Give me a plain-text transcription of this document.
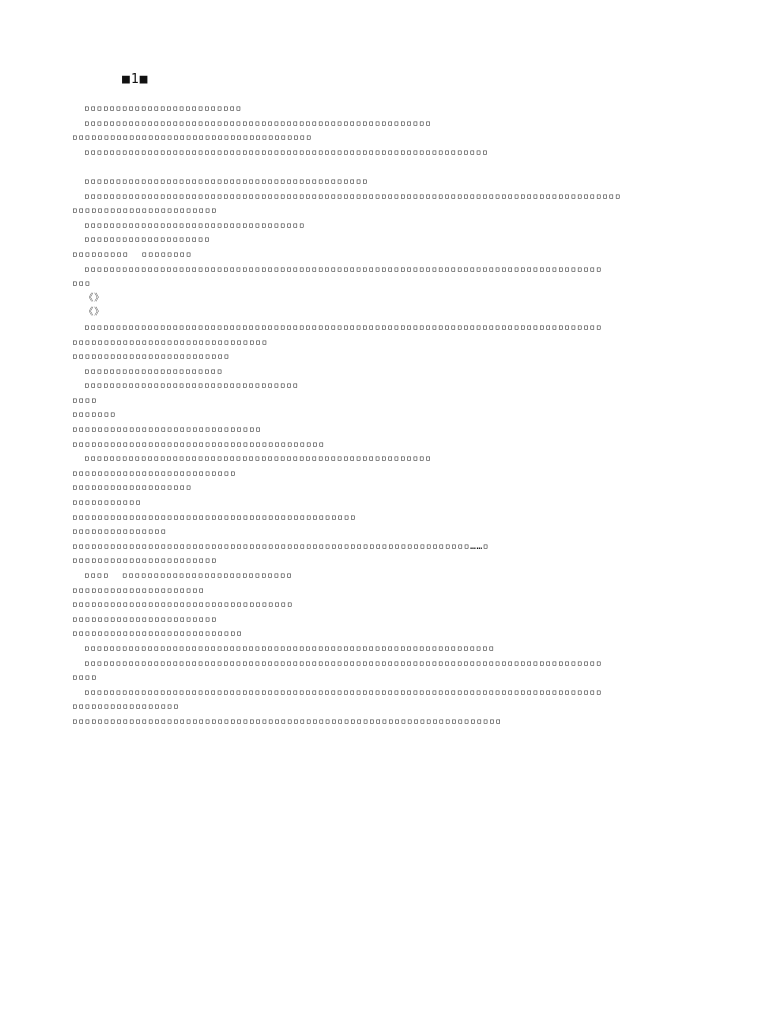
■1■
▫▫▫▫▫▫▫▫▫▫▫▫▫▫▫▫▫▫▫▫▫▫▫▫▫
▫▫▫▫▫▫▫▫▫▫▫▫▫▫▫▫▫▫▫▫▫▫▫▫▫▫▫▫▫▫▫▫▫▫▫▫▫▫▫▫▫▫▫▫▫▫▫▫▫▫▫▫▫▫▫
▫▫▫▫▫▫▫▫▫▫▫▫▫▫▫▫▫▫▫▫▫▫▫▫▫▫▫▫▫▫▫▫▫▫▫▫▫▫
▫▫▫▫▫▫▫▫▫▫▫▫▫▫▫▫▫▫▫▫▫▫▫▫▫▫▫▫▫▫▫▫▫▫▫▫▫▫▫▫▫▫▫▫▫▫▫▫▫▫▫▫▫▫▫▫▫▫▫▫▫▫▫▫
▫▫▫▫▫▫▫▫▫▫▫▫▫▫▫▫▫▫▫▫▫▫▫▫▫▫▫▫▫▫▫▫▫▫▫▫▫▫▫▫▫▫▫▫▫
▫▫▫▫▫▫▫▫▫▫▫▫▫▫▫▫▫▫▫▫▫▫▫▫▫▫▫▫▫▫▫▫▫▫▫▫▫▫▫▫▫▫▫▫▫▫▫▫▫▫▫▫▫▫▫▫▫▫▫▫▫▫▫▫▫▫▫▫▫▫▫▫▫▫▫▫▫▫▫▫▫▫▫▫▫
▫▫▫▫▫▫▫▫▫▫▫▫▫▫▫▫▫▫▫▫▫▫▫
▫▫▫▫▫▫▫▫▫▫▫▫▫▫▫▫▫▫▫▫▫▫▫▫▫▫▫▫▫▫▫▫▫▫▫
▫▫▫▫▫▫▫▫▫▫▫▫▫▫▫▫▫▫▫▫
▫▫▫▫▫▫▫▫▫  ▫▫▫▫▫▫▫▫
▫▫▫▫▫▫▫▫▫▫▫▫▫▫▫▫▫▫▫▫▫▫▫▫▫▫▫▫▫▫▫▫▫▫▫▫▫▫▫▫▫▫▫▫▫▫▫▫▫▫▫▫▫▫▫▫▫▫▫▫▫▫▫▫▫▫▫▫▫▫▫▫▫▫▫▫▫▫▫▫▫▫
▫▫▫
《》
《》
▫▫▫▫▫▫▫▫▫▫▫▫▫▫▫▫▫▫▫▫▫▫▫▫▫▫▫▫▫▫▫▫▫▫▫▫▫▫▫▫▫▫▫▫▫▫▫▫▫▫▫▫▫▫▫▫▫▫▫▫▫▫▫▫▫▫▫▫▫▫▫▫▫▫▫▫▫▫▫▫▫▫
▫▫▫▫▫▫▫▫▫▫▫▫▫▫▫▫▫▫▫▫▫▫▫▫▫▫▫▫▫▫▫
▫▫▫▫▫▫▫▫▫▫▫▫▫▫▫▫▫▫▫▫▫▫▫▫▫
▫▫▫▫▫▫▫▫▫▫▫▫▫▫▫▫▫▫▫▫▫▫
▫▫▫▫▫▫▫▫▫▫▫▫▫▫▫▫▫▫▫▫▫▫▫▫▫▫▫▫▫▫▫▫▫▫
▫▫▫▫
▫▫▫▫▫▫▫
▫▫▫▫▫▫▫▫▫▫▫▫▫▫▫▫▫▫▫▫▫▫▫▫▫▫▫▫▫▫
▫▫▫▫▫▫▫▫▫▫▫▫▫▫▫▫▫▫▫▫▫▫▫▫▫▫▫▫▫▫▫▫▫▫▫▫▫▫▫▫
▫▫▫▫▫▫▫▫▫▫▫▫▫▫▫▫▫▫▫▫▫▫▫▫▫▫▫▫▫▫▫▫▫▫▫▫▫▫▫▫▫▫▫▫▫▫▫▫▫▫▫▫▫▫▫
▫▫▫▫▫▫▫▫▫▫▫▫▫▫▫▫▫▫▫▫▫▫▫▫▫▫
▫▫▫▫▫▫▫▫▫▫▫▫▫▫▫▫▫▫▫
▫▫▫▫▫▫▫▫▫▫▫
▫▫▫▫▫▫▫▫▫▫▫▫▫▫▫▫▫▫▫▫▫▫▫▫▫▫▫▫▫▫▫▫▫▫▫▫▫▫▫▫▫▫▫▫▫
▫▫▫▫▫▫▫▫▫▫▫▫▫▫▫
▫▫▫▫▫▫▫▫▫▫▫▫▫▫▫▫▫▫▫▫▫▫▫▫▫▫▫▫▫▫▫▫▫▫▫▫▫▫▫▫▫▫▫▫▫▫▫▫▫▫▫▫▫▫▫▫▫▫▫▫▫▫▫……▫
▫▫▫▫▫▫▫▫▫▫▫▫▫▫▫▫▫▫▫▫▫▫▫
▫▫▫▫  ▫▫▫▫▫▫▫▫▫▫▫▫▫▫▫▫▫▫▫▫▫▫▫▫▫▫▫
▫▫▫▫▫▫▫▫▫▫▫▫▫▫▫▫▫▫▫▫▫
▫▫▫▫▫▫▫▫▫▫▫▫▫▫▫▫▫▫▫▫▫▫▫▫▫▫▫▫▫▫▫▫▫▫▫
▫▫▫▫▫▫▫▫▫▫▫▫▫▫▫▫▫▫▫▫▫▫▫
▫▫▫▫▫▫▫▫▫▫▫▫▫▫▫▫▫▫▫▫▫▫▫▫▫▫▫
▫▫▫▫▫▫▫▫▫▫▫▫▫▫▫▫▫▫▫▫▫▫▫▫▫▫▫▫▫▫▫▫▫▫▫▫▫▫▫▫▫▫▫▫▫▫▫▫▫▫▫▫▫▫▫▫▫▫▫▫▫▫▫▫▫
▫▫▫▫▫▫▫▫▫▫▫▫▫▫▫▫▫▫▫▫▫▫▫▫▫▫▫▫▫▫▫▫▫▫▫▫▫▫▫▫▫▫▫▫▫▫▫▫▫▫▫▫▫▫▫▫▫▫▫▫▫▫▫▫▫▫▫▫▫▫▫▫▫▫▫▫▫▫▫▫▫▫
▫▫▫▫
▫▫▫▫▫▫▫▫▫▫▫▫▫▫▫▫▫▫▫▫▫▫▫▫▫▫▫▫▫▫▫▫▫▫▫▫▫▫▫▫▫▫▫▫▫▫▫▫▫▫▫▫▫▫▫▫▫▫▫▫▫▫▫▫▫▫▫▫▫▫▫▫▫▫▫▫▫▫▫▫▫▫
▫▫▫▫▫▫▫▫▫▫▫▫▫▫▫▫▫
▫▫▫▫▫▫▫▫▫▫▫▫▫▫▫▫▫▫▫▫▫▫▫▫▫▫▫▫▫▫▫▫▫▫▫▫▫▫▫▫▫▫▫▫▫▫▫▫▫▫▫▫▫▫▫▫▫▫▫▫▫▫▫▫▫▫▫▫
